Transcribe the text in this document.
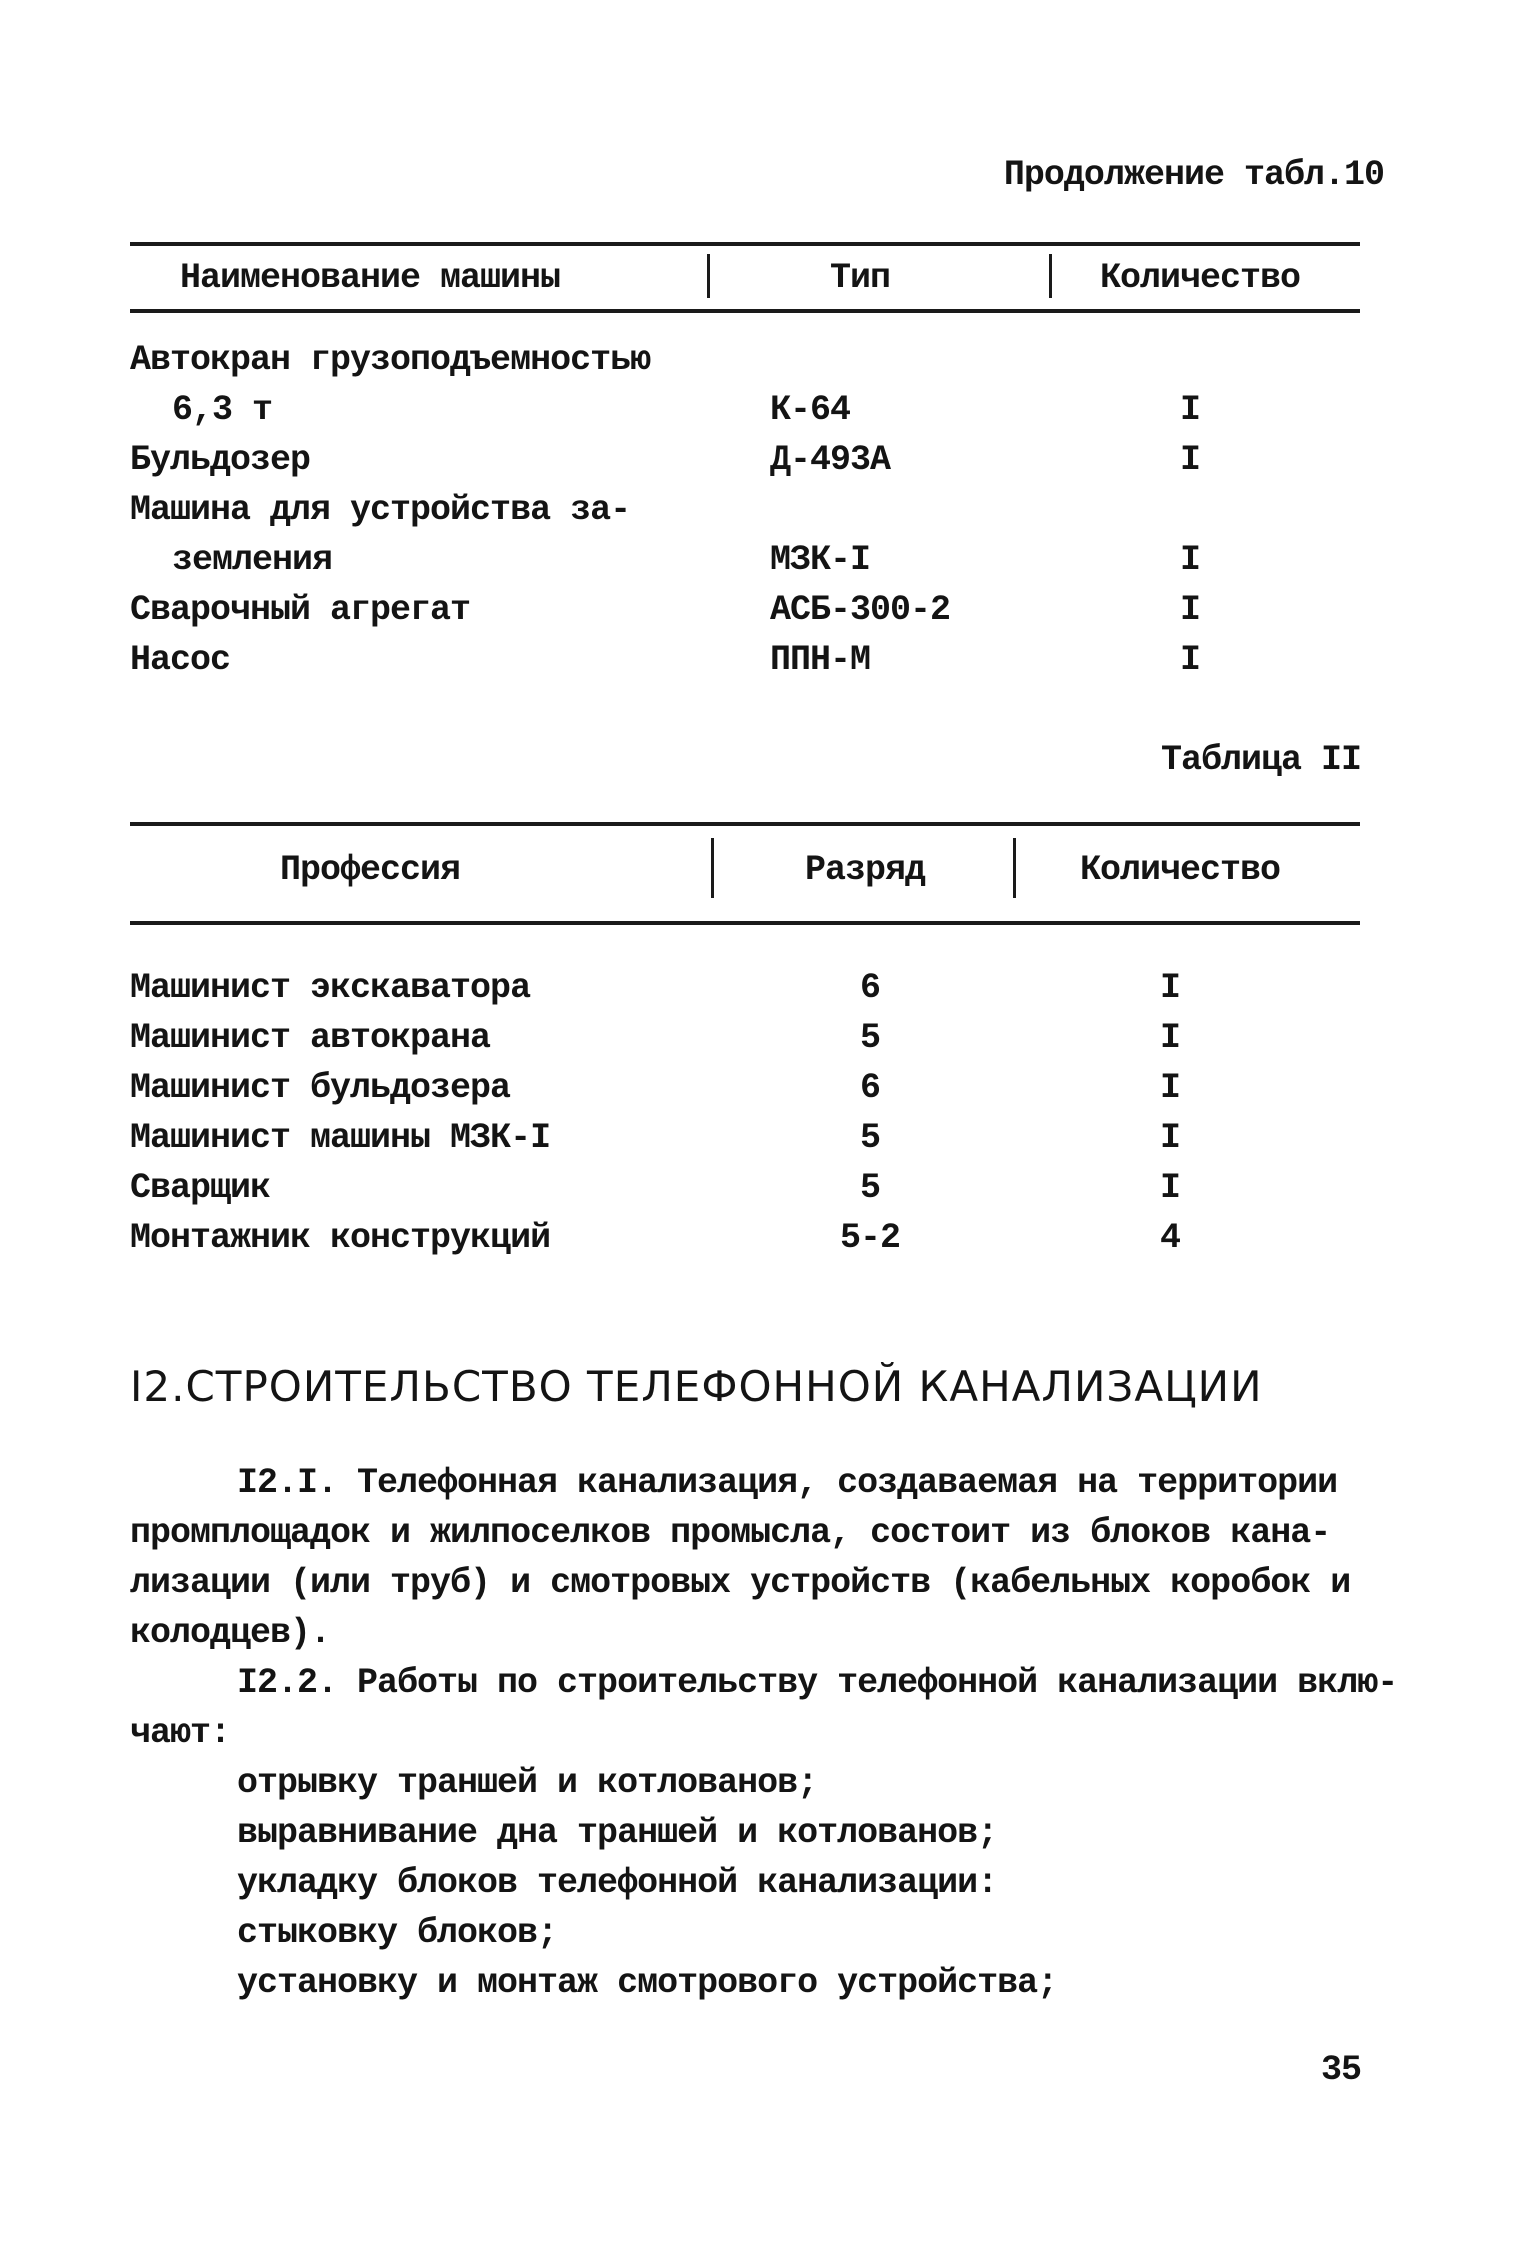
Продолжение табл.10
Наименование машины	Тип	Количество
Автокран грузоподъемностью
6,3 т	К-64	I
Бульдозер	Д-493А	I
Машина для устройства за-
земления	МЗК-I	I
Сварочный агрегат	АСБ-300-2	I
Насос	ППН-М	I
Таблица II
Профессия	Разряд	Количество
Машинист экскаватора	6	I
Машинист автокрана	5	I
Машинист бульдозера	6	I
Машинист машины МЗК-I	5	I
Сварщик	5	I
Монтажник конструкций	5-2	4
I2.СТРОИТЕЛЬСТВО ТЕЛЕФОННОЙ КАНАЛИЗАЦИИ
I2.I. Телефонная канализация, создаваемая на территории
промплощадок и жилпоселков промысла, состоит из блоков кана-
лизации (или труб) и смотровых устройств (кабельных коробок и
колодцев).
I2.2. Работы по строительству телефонной канализации вклю-
чают:
отрывку траншей и котлованов;
выравнивание дна траншей и котлованов;
укладку блоков телефонной канализации:
стыковку блоков;
установку и монтаж смотрового устройства;
35
